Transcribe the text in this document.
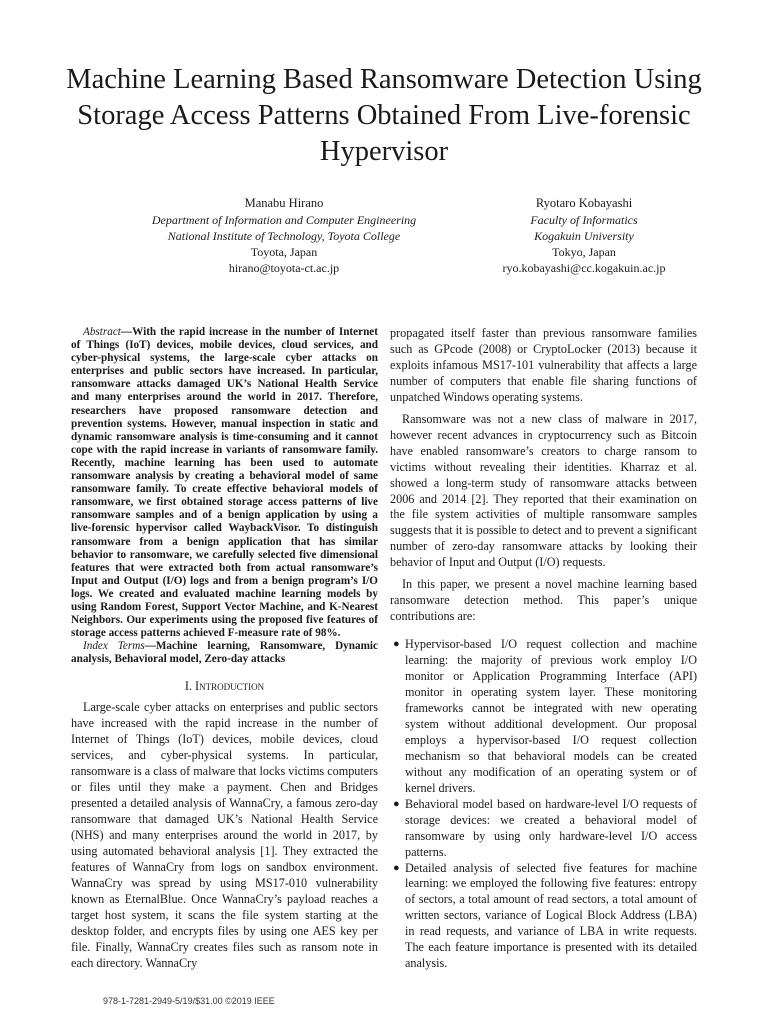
Machine Learning Based Ransomware Detection Using Storage Access Patterns Obtained From Live-forensic Hypervisor
Manabu Hirano
Department of Information and Computer Engineering
National Institute of Technology, Toyota College
Toyota, Japan
hirano@toyota-ct.ac.jp
Ryotaro Kobayashi
Faculty of Informatics
Kogakuin University
Tokyo, Japan
ryo.kobayashi@cc.kogakuin.ac.jp

Abstract—With the rapid increase in the number of Internet of Things (IoT) devices, mobile devices, cloud services, and cyber-physical systems, the large-scale cyber attacks on enterprises and public sectors have increased. In particular, ransomware attacks damaged UK’s National Health Service and many enterprises around the world in 2017. Therefore, researchers have proposed ransomware detection and prevention systems. However, manual inspection in static and dynamic ransomware analysis is time-consuming and it cannot cope with the rapid increase in variants of ransomware family. Recently, machine learning has been used to automate ransomware analysis by creating a behavioral model of same ransomware family. To create effective behavioral models of ransomware, we first obtained storage access patterns of live ransomware samples and of a benign application by using a live-forensic hypervisor called WaybackVisor. To distinguish ransomware from a benign application that has similar behavior to ransomware, we carefully selected five dimensional features that were extracted both from actual ransomware’s Input and Output (I/O) logs and from a benign program’s I/O logs. We created and evaluated machine learning models by using Random Forest, Support Vector Machine, and K-Nearest Neighbors. Our experiments using the proposed five features of storage access patterns achieved F-measure rate of 98%.

Index Terms—Machine learning, Ransomware, Dynamic analysis, Behavioral model, Zero-day attacks

I. Introduction

Large-scale cyber attacks on enterprises and public sectors have increased with the rapid increase in the number of Internet of Things (IoT) devices, mobile devices, cloud services, and cyber-physical systems. In particular, ransomware is a class of malware that locks victims computers or files until they make a payment. Chen and Bridges presented a detailed analysis of WannaCry, a famous zero-day ransomware that damaged UK’s National Health Service (NHS) and many enterprises around the world in 2017, by using automated behavioral analysis [1]. They extracted the features of WannaCry from logs on sandbox environment. WannaCry was spread by using MS17-010 vulnerability known as EternalBlue. Once WannaCry’s payload reaches a target host system, it scans the file system starting at the desktop folder, and encrypts files by using one AES key per file. Finally, WannaCry creates files such as ransom note in each directory. WannaCry

propagated itself faster than previous ransomware families such as GPcode (2008) or CryptoLocker (2013) because it exploits infamous MS17-101 vulnerability that affects a large number of computers that enable file sharing functions of unpatched Windows operating systems.

Ransomware was not a new class of malware in 2017, however recent advances in cryptocurrency such as Bitcoin have enabled ransomware’s creators to charge ransom to victims without revealing their identities. Kharraz et al. showed a long-term study of ransomware attacks between 2006 and 2014 [2]. They reported that their examination on the file system activities of multiple ransomware samples suggests that it is possible to detect and to prevent a significant number of zero-day ransomware attacks by looking their behavior of Input and Output (I/O) requests.

In this paper, we present a novel machine learning based ransomware detection method. This paper’s unique contributions are:

● Hypervisor-based I/O request collection and machine learning: the majority of previous work employ I/O monitor or Application Programming Interface (API) monitor in operating system layer. These monitoring frameworks cannot be integrated with new operating system without additional development. Our proposal employs a hypervisor-based I/O request collection mechanism so that behavioral models can be created without any modification of an operating system or of kernel drivers.
● Behavioral model based on hardware-level I/O requests of storage devices: we created a behavioral model of ransomware by using only hardware-level I/O access patterns.
● Detailed analysis of selected five features for machine learning: we employed the following five features: entropy of sectors, a total amount of read sectors, a total amount of written sectors, variance of Logical Block Address (LBA) in read requests, and variance of LBA in write requests. The each feature importance is presented with its detailed analysis.
978-1-7281-2949-5/19/$31.00 ©2019 IEEE
